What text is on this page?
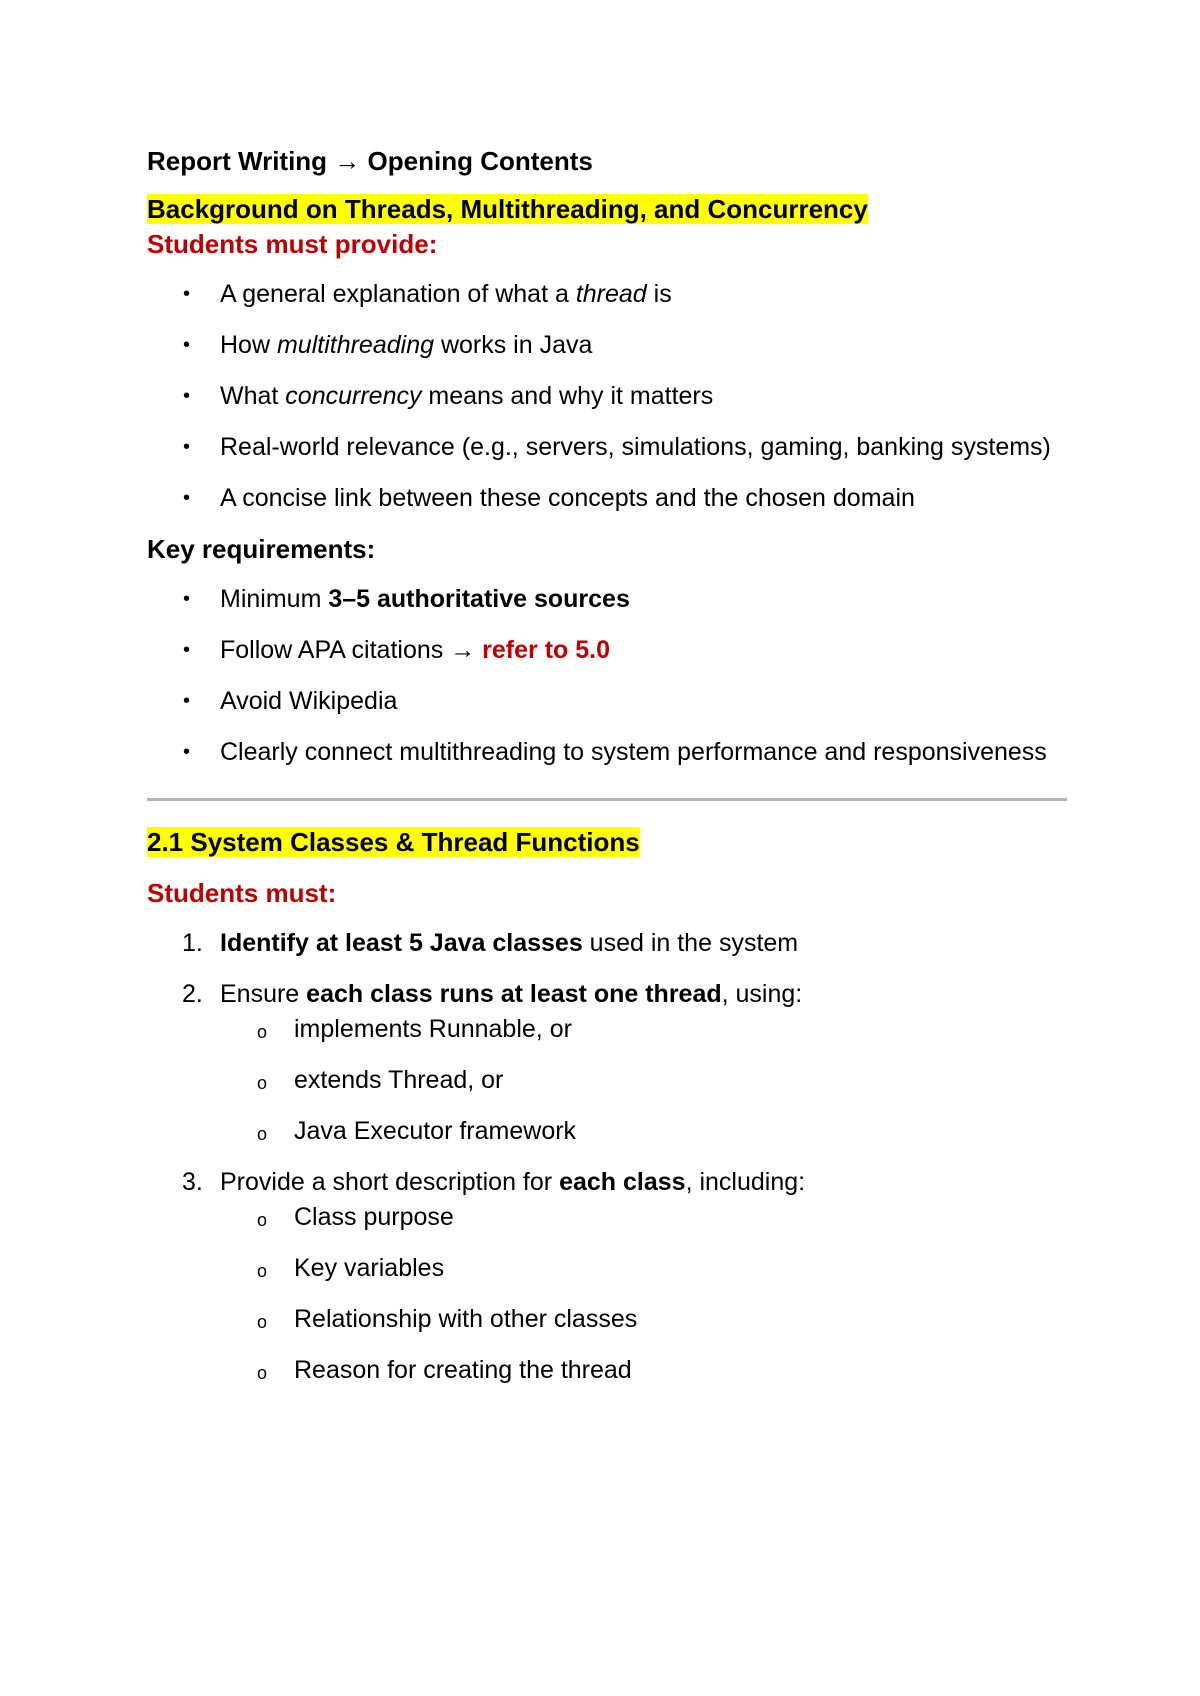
Report Writing → Opening Contents

Background on Threads, Multithreading, and Concurrency

Students must provide:

• A general explanation of what a thread is
• How multithreading works in Java
• What concurrency means and why it matters
• Real-world relevance (e.g., servers, simulations, gaming, banking systems)
• A concise link between these concepts and the chosen domain

Key requirements:

• Minimum 3–5 authoritative sources
• Follow APA citations → refer to 5.0
• Avoid Wikipedia
• Clearly connect multithreading to system performance and responsiveness

2.1 System Classes & Thread Functions

Students must:

1. Identify at least 5 Java classes used in the system
2. Ensure each class runs at least one thread, using:
o implements Runnable, or
o extends Thread, or
o Java Executor framework
3. Provide a short description for each class, including:
o Class purpose
o Key variables
o Relationship with other classes
o Reason for creating the thread
